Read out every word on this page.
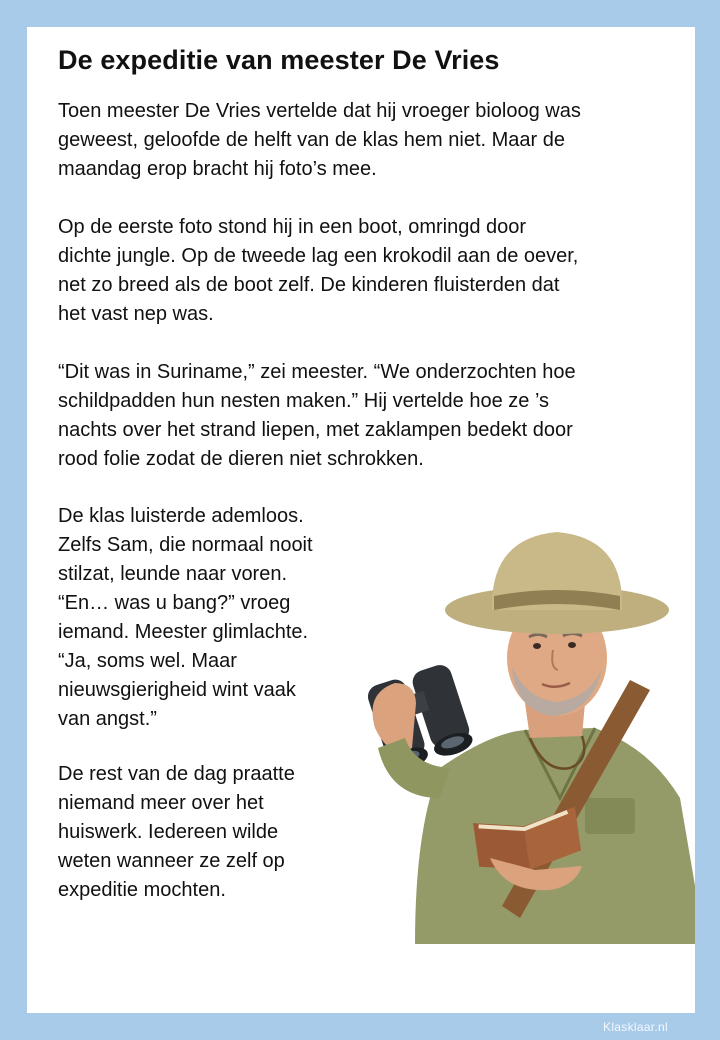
De expeditie van meester De Vries

Toen meester De Vries vertelde dat hij vroeger bioloog was
geweest, geloofde de helft van de klas hem niet. Maar de
maandag erop bracht hij foto’s mee.

Op de eerste foto stond hij in een boot, omringd door
dichte jungle. Op de tweede lag een krokodil aan de oever,
net zo breed als de boot zelf. De kinderen fluisterden dat
het vast nep was.

“Dit was in Suriname,” zei meester. “We onderzochten hoe
schildpadden hun nesten maken.” Hij vertelde hoe ze ’s
nachts over het strand liepen, met zaklampen bedekt door
rood folie zodat de dieren niet schrokken.

De klas luisterde ademloos.
Zelfs Sam, die normaal nooit
stilzat, leunde naar voren.
“En… was u bang?” vroeg
iemand. Meester glimlachte.
“Ja, soms wel. Maar
nieuwsgierigheid wint vaak
van angst.”

De rest van de dag praatte
niemand meer over het
huiswerk. Iedereen wilde
weten wanneer ze zelf op
expeditie mochten.

Klasklaar.nl
